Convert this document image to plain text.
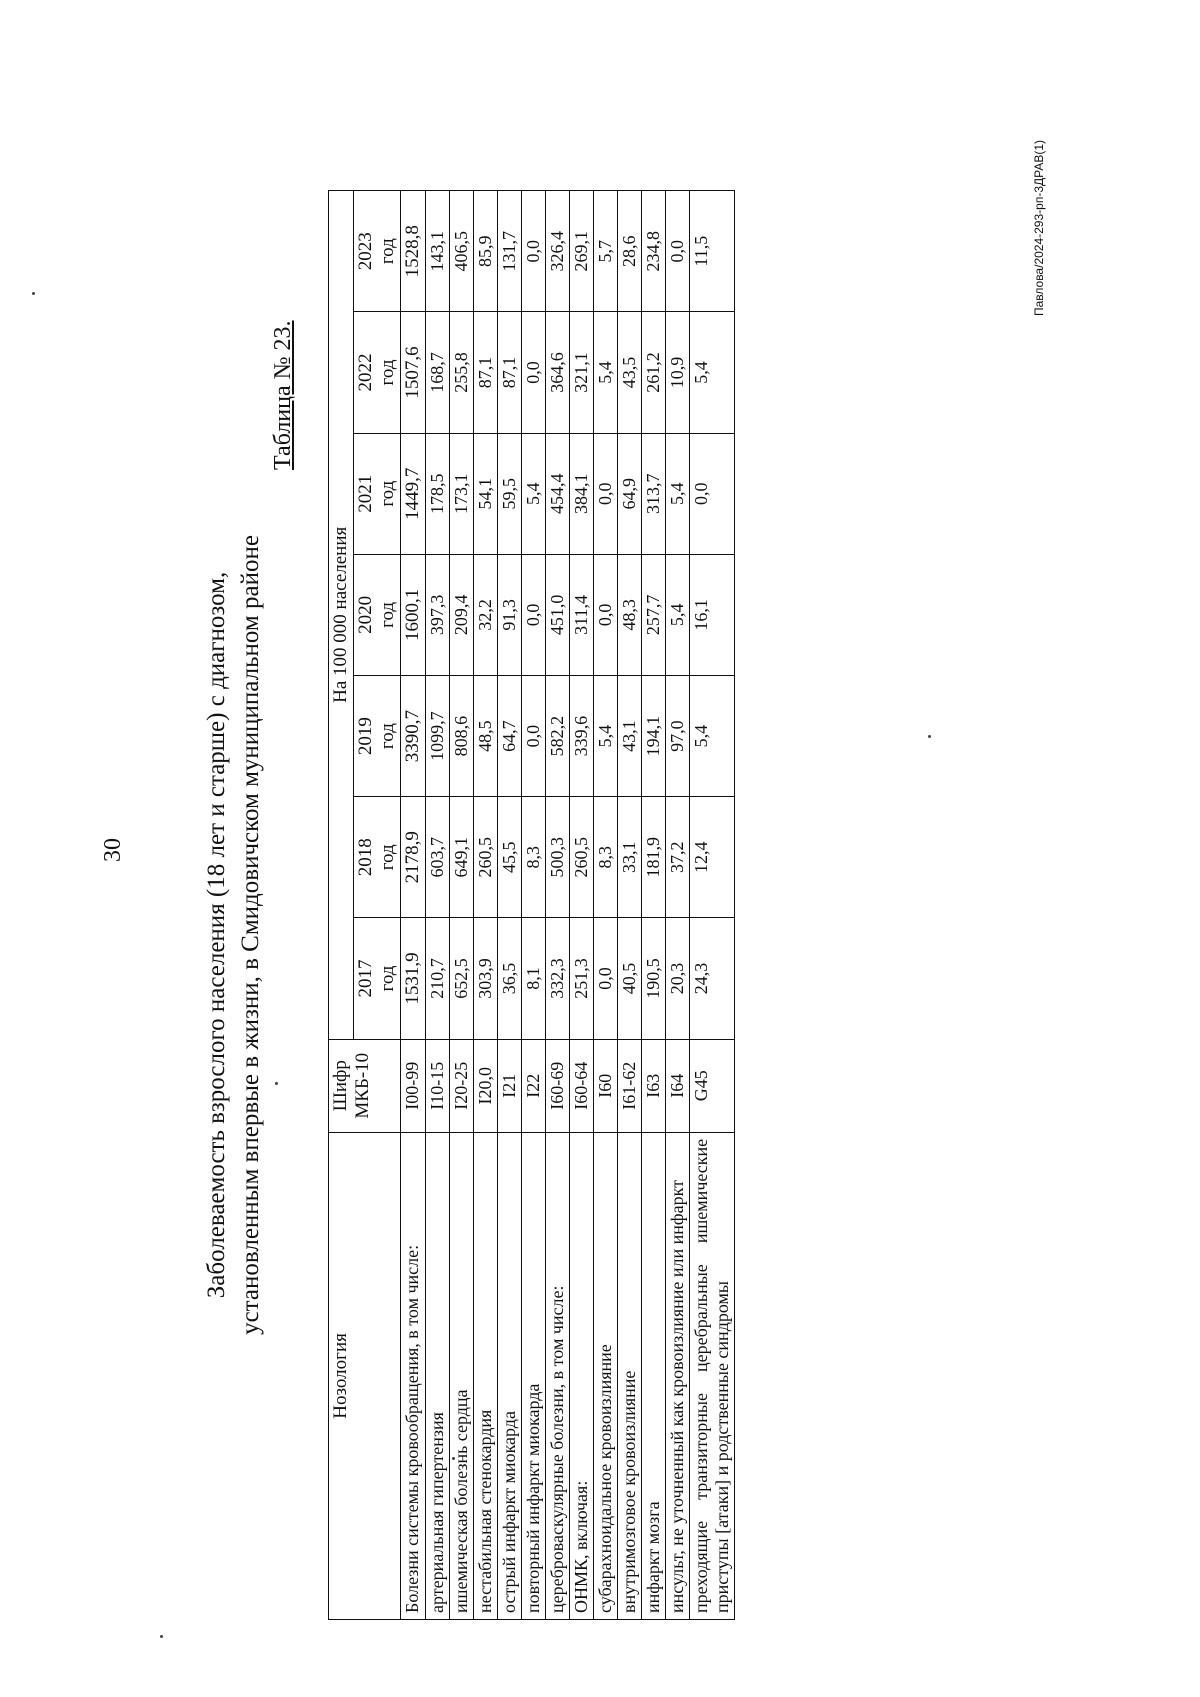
30	Заболеваемость взрослого населения (18 лет и старше) с диагнозом, установленным впервые в жизни, в Смидовичском муниципальном районе
Таблица № 23.
Нозология	Шифр МКБ-10	На 100 000 населения						

		2017 год	2018 год	2019 год	2020 год	2021 год	2022 год	2023 год

Болезни системы кровообращения, в том числе:	I00-99	1531,9	2178,9	3390,7	1600,1	1449,7	1507,6	1528,8
артериальная гипертензия	I10-15	210,7	603,7	1099,7	397,3	178,5	168,7	143,1
ишемическая болезнь сердца	I20-25	652,5	649,1	808,6	209,4	173,1	255,8	406,5
нестабильная стенокардия	I20,0	303,9	260,5	48,5	32,2	54,1	87,1	85,9
острый инфаркт миокарда	I21	36,5	45,5	64,7	91,3	59,5	87,1	131,7
повторный инфаркт миокарда	I22	8,1	8,3	0,0	0,0	5,4	0,0	0,0
цереброваскулярные болезни, в том числе:	I60-69	332,3	500,3	582,2	451,0	454,4	364,6	326,4
ОНМК, включая:	I60-64	251,3	260,5	339,6	311,4	384,1	321,1	269,1
субарахноидальное кровоизлияние	I60	0,0	8,3	5,4	0,0	0,0	5,4	5,7
внутримозговое кровоизлияние	I61-62	40,5	33,1	43,1	48,3	64,9	43,5	28,6
инфаркт мозга	I63	190,5	181,9	194,1	257,7	313,7	261,2	234,8
инсульт, не уточненный как кровоизлияние или инфаркт	I64	20,3	37,2	97,0	5,4	5,4	10,9	0,0
преходящие транзиторные церебральные ишемические приступы [атаки] и родственные синдромы	G45	24,3	12,4	5,4	16,1	0,0	5,4	11,5	Павлова/2024-293-рп-3ДРАВ(1)
